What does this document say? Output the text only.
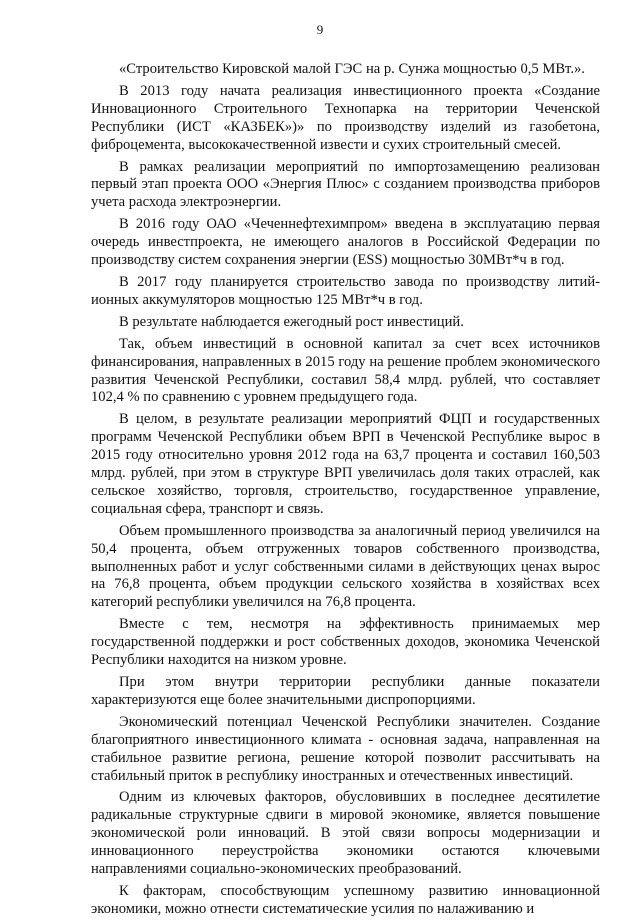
9

«Строительство Кировской малой ГЭС на р. Сунжа мощностью 0,5 МВт.».

В 2013 году начата реализация инвестиционного проекта «Создание Инновационного Строительного Технопарка на территории Чеченской Республики (ИСТ «КАЗБЕК»)» по производству изделий из газобетона, фиброцемента, высококачественной извести и сухих строительный смесей.

В рамках реализации мероприятий по импортозамещению реализован первый этап проекта ООО «Энергия Плюс» с созданием производства приборов учета расхода электроэнергии.

В 2016 году ОАО «Чеченнефтехимпром» введена в эксплуатацию первая очередь инвестпроекта, не имеющего аналогов в Российской Федерации по производству систем сохранения энергии (ESS) мощностью 30МВт*ч в год.

В 2017 году планируется строительство завода по производству литий-ионных аккумуляторов мощностью 125 МВт*ч в год.

В результате наблюдается ежегодный рост инвестиций.

Так, объем инвестиций в основной капитал за счет всех источников финансирования, направленных в 2015 году на решение проблем экономического развития Чеченской Республики, составил 58,4 млрд. рублей, что составляет 102,4 % по сравнению с уровнем предыдущего года.

В целом, в результате реализации мероприятий ФЦП и государственных программ Чеченской Республики объем ВРП в Чеченской Республике вырос в 2015 году относительно уровня 2012 года на 63,7 процента и составил 160,503 млрд. рублей, при этом в структуре ВРП увеличилась доля таких отраслей, как сельское хозяйство, торговля, строительство, государственное управление, социальная сфера, транспорт и связь.

Объем промышленного производства за аналогичный период увеличился на 50,4 процента, объем отгруженных товаров собственного производства, выполненных работ и услуг собственными силами в действующих ценах вырос на 76,8 процента, объем продукции сельского хозяйства в хозяйствах всех категорий республики увеличился на 76,8 процента.

Вместе с тем, несмотря на эффективность принимаемых мер государственной поддержки и рост собственных доходов, экономика Чеченской Республики находится на низком уровне.

При этом внутри территории республики данные показатели характеризуются еще более значительными диспропорциями.

Экономический потенциал Чеченской Республики значителен. Создание благоприятного инвестиционного климата - основная задача, направленная на стабильное развитие региона, решение которой позволит рассчитывать на стабильный приток в республику иностранных и отечественных инвестиций.

Одним из ключевых факторов, обусловивших в последнее десятилетие радикальные структурные сдвиги в мировой экономике, является повышение экономической роли инноваций. В этой связи вопросы модернизации и инновационного переустройства экономики остаются ключевыми направлениями социально-экономических преобразований.

К факторам, способствующим успешному развитию инновационной экономики, можно отнести систематические усилия по налаживанию и
